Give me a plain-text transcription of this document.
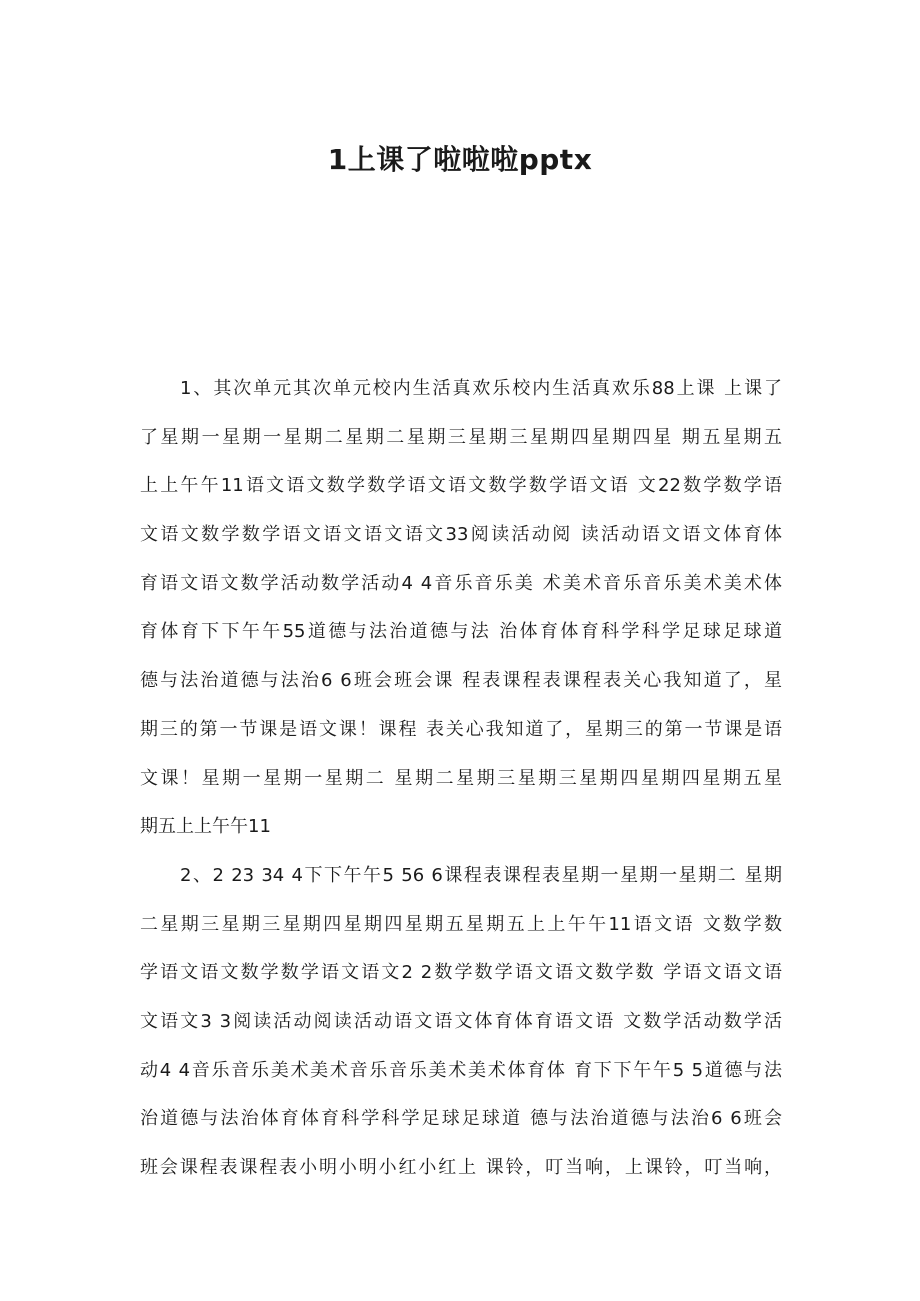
1上课了啦啦啦pptx
1、其次单元其次单元校内生活真欢乐校内生活真欢乐88上课 上课了
了星期一星期一星期二星期二星期三星期三星期四星期四星 期五星期五
上上午午11语文语文数学数学语文语文数学数学语文语 文22数学数学语
文语文数学数学语文语文语文语文33阅读活动阅 读活动语文语文体育体
育语文语文数学活动数学活动4 4音乐音乐美 术美术音乐音乐美术美术体
育体育下下午午55道德与法治道德与法 治体育体育科学科学足球足球道
德与法治道德与法治6 6班会班会课 程表课程表课程表关心我知道了，星
期三的第一节课是语文课！课程 表关心我知道了，星期三的第一节课是语
文课！星期一星期一星期二 星期二星期三星期三星期四星期四星期五星
期五上上午午11
2、2 23 34 4下下午午5 56 6课程表课程表星期一星期一星期二 星期
二星期三星期三星期四星期四星期五星期五上上午午11语文语 文数学数
学语文语文数学数学语文语文2 2数学数学语文语文数学数 学语文语文语
文语文3 3阅读活动阅读活动语文语文体育体育语文语 文数学活动数学活
动4 4音乐音乐美术美术音乐音乐美术美术体育体 育下下午午5 5道德与法
治道德与法治体育体育科学科学足球足球道 德与法治道德与法治6 6班会
班会课程表课程表小明小明小红小红上 课铃，叮当响，上课铃，叮当响，
